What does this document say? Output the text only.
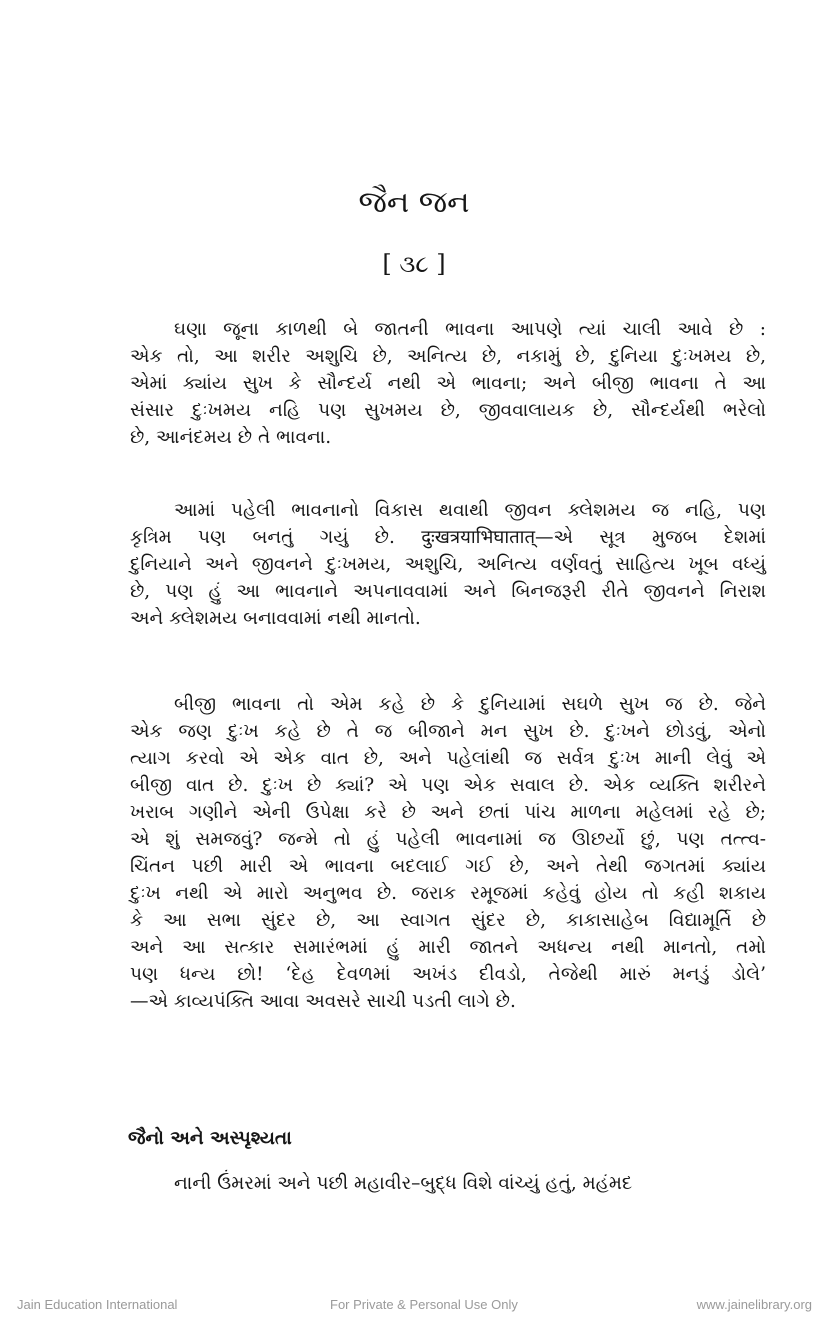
જૈન જન
[ ૩૮ ]
ઘણા જૂના કાળથી બે જાતની ભાવના આપણે ત્યાં ચાલી આવે છે :
એક તો, આ શરીર અશુચિ છે, અનિત્ય છે, નકામું છે, દુનિયા દુઃખમય છે,
એમાં ક્યાંય સુખ કે સૌન્દર્ય નથી એ ભાવના; અને બીજી ભાવના તે આ
સંસાર દુઃખમય નહિ પણ સુખમય છે, જીવવાલાયક છે, સૌન્દર્યથી ભરેલો
છે, આનંદમય છે તે ભાવના.
આમાં પહેલી ભાવનાનો વિકાસ થવાથી જીવન ક્લેશમય જ નહિ, પણ
કૃત્રિમ પણ બનતું ગયું છે. दुःखत्रयाभिघातात्—એ સૂત્ર મુજબ દેશમાં
દુનિયાને અને જીવનને દુઃખમય, અશુચિ, અનિત્ય વર્ણવતું સાહિત્ય ખૂબ વધ્યું
છે, પણ હું આ ભાવનાને અપનાવવામાં અને બિનજરૂરી રીતે જીવનને નિરાશ
અને ક્લેશમય બનાવવામાં નથી માનતો.
બીજી ભાવના તો એમ કહે છે કે દુનિયામાં સઘળે સુખ જ છે. જેને
એક જણ દુઃખ કહે છે તે જ બીજાને મન સુખ છે. દુઃખને છોડવું, એનો
ત્યાગ કરવો એ એક વાત છે, અને પહેલાંથી જ સર્વત્ર દુઃખ માની લેવું એ
બીજી વાત છે. દુઃખ છે ક્યાં? એ પણ એક સવાલ છે. એક વ્યક્તિ શરીરને
ખરાબ ગણીને એની ઉપેક્ષા કરે છે અને છતાં પાંચ માળના મહેલમાં રહે છે;
એ શું સમજવું? જન્મે તો હું પહેલી ભાવનામાં જ ઊછર્યો છું, પણ તત્ત્વ-
ચિંતન પછી મારી એ ભાવના બદલાઈ ગઈ છે, અને તેથી જગતમાં ક્યાંય
દુઃખ નથી એ મારો અનુભવ છે. જરાક રમૂજમાં કહેવું હોય તો કહી શકાય
કે આ સભા સુંદર છે, આ સ્વાગત સુંદર છે, કાકાસાહેબ વિદ્યામૂર્તિ છે
અને આ સત્કાર સમારંભમાં હું મારી જાતને અધન્ય નથી માનતો, તમો
પણ ધન્ય છો! ‘દેહ દેવળમાં અખંડ દીવડો, તેજેથી મારું મનડું ડોલે’
—એ કાવ્યપંક્તિ આવા અવસરે સાચી પડતી લાગે છે.
જૈનો અને અસ્પૃશ્યતા
નાની ઉંમરમાં અને પછી મહાવીર–બુદ્ધ વિશે વાંચ્યું હતું, મહંમદ
Jain Education International	For Private & Personal Use Only	www.jainelibrary.org
